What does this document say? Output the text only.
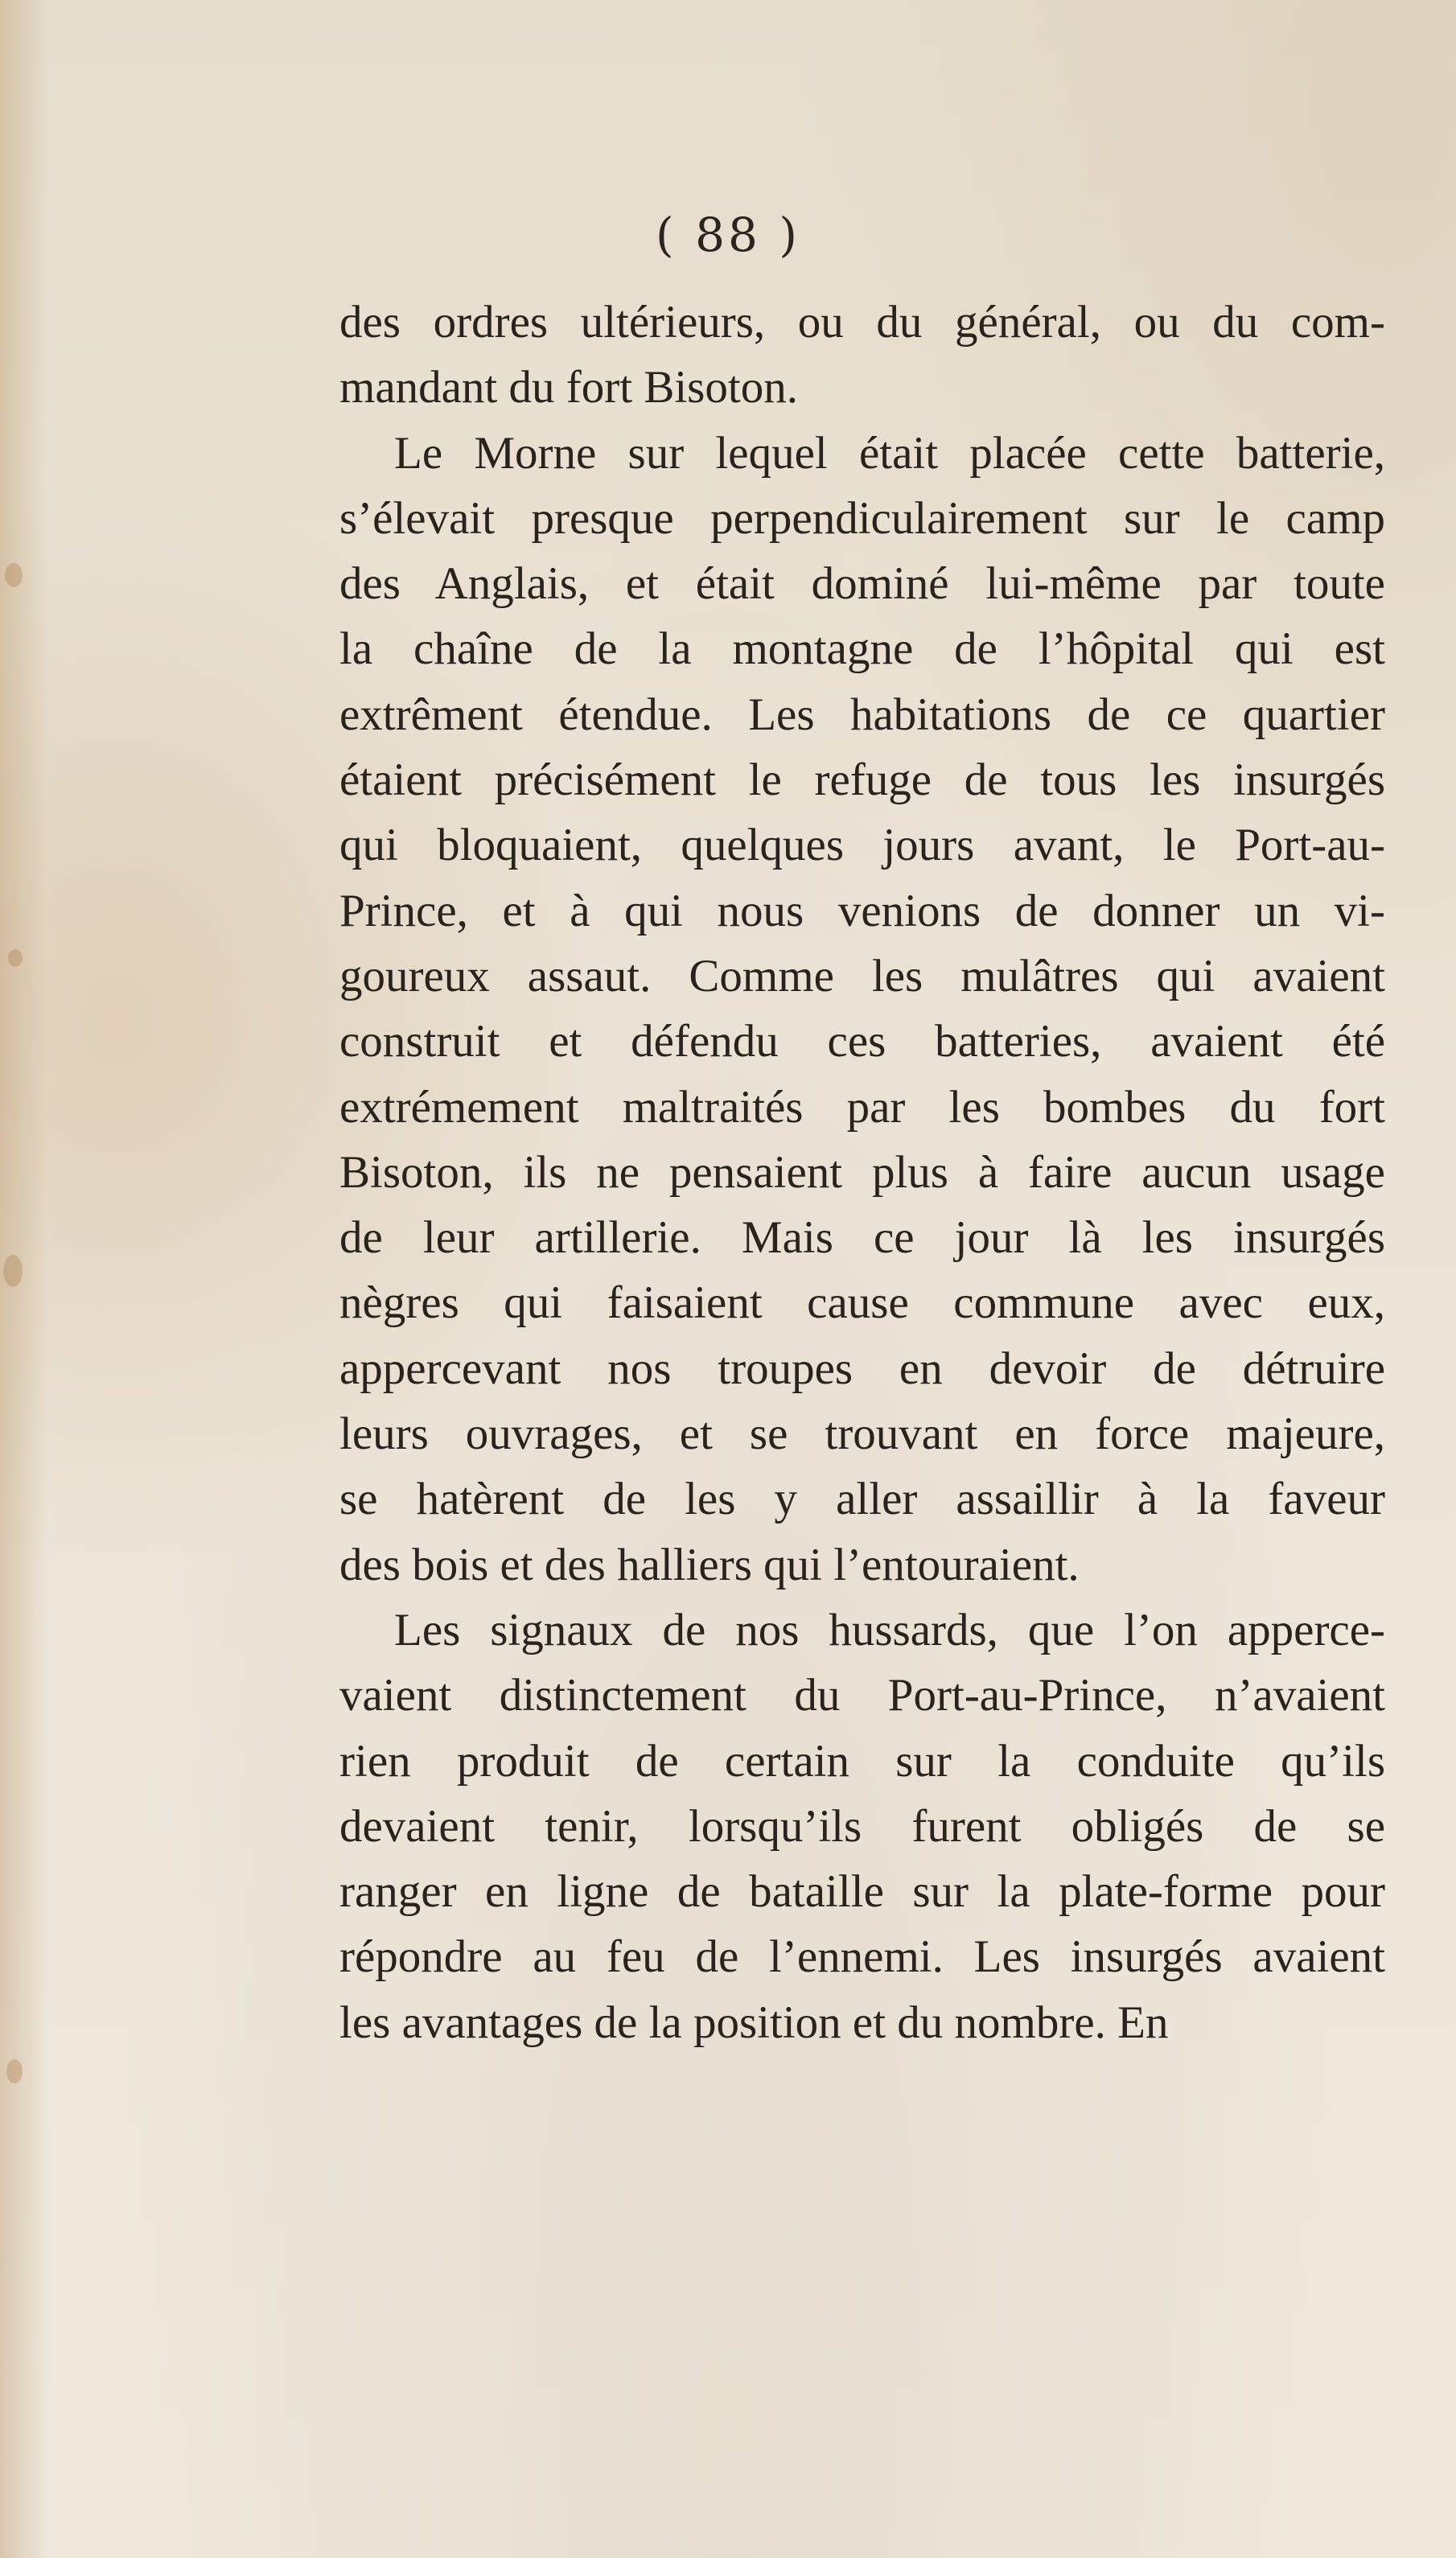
( 88 )
des ordres ultérieurs, ou du général, ou du com-
mandant du fort Bisoton.
Le Morne sur lequel était placée cette batterie,
s’élevait presque perpendiculairement sur le camp
des Anglais, et était dominé lui-même par toute
la chaîne de la montagne de l’hôpital qui est
extrêment étendue. Les habitations de ce quartier
étaient précisément le refuge de tous les insurgés
qui bloquaient, quelques jours avant, le Port-au-
Prince, et à qui nous venions de donner un vi-
goureux assaut. Comme les mulâtres qui avaient
construit et défendu ces batteries, avaient été
extrémement maltraités par les bombes du fort
Bisoton, ils ne pensaient plus à faire aucun usage
de leur artillerie. Mais ce jour là les insurgés
nègres qui faisaient cause commune avec eux,
appercevant nos troupes en devoir de détruire
leurs ouvrages, et se trouvant en force majeure,
se hatèrent de les y aller assaillir à la faveur
des bois et des halliers qui l’entouraient.
Les signaux de nos hussards, que l’on apperce-
vaient distinctement du Port-au-Prince, n’avaient
rien produit de certain sur la conduite qu’ils
devaient tenir, lorsqu’ils furent obligés de se
ranger en ligne de bataille sur la plate-forme pour
répondre au feu de l’ennemi. Les insurgés avaient
les avantages de la position et du nombre. En
